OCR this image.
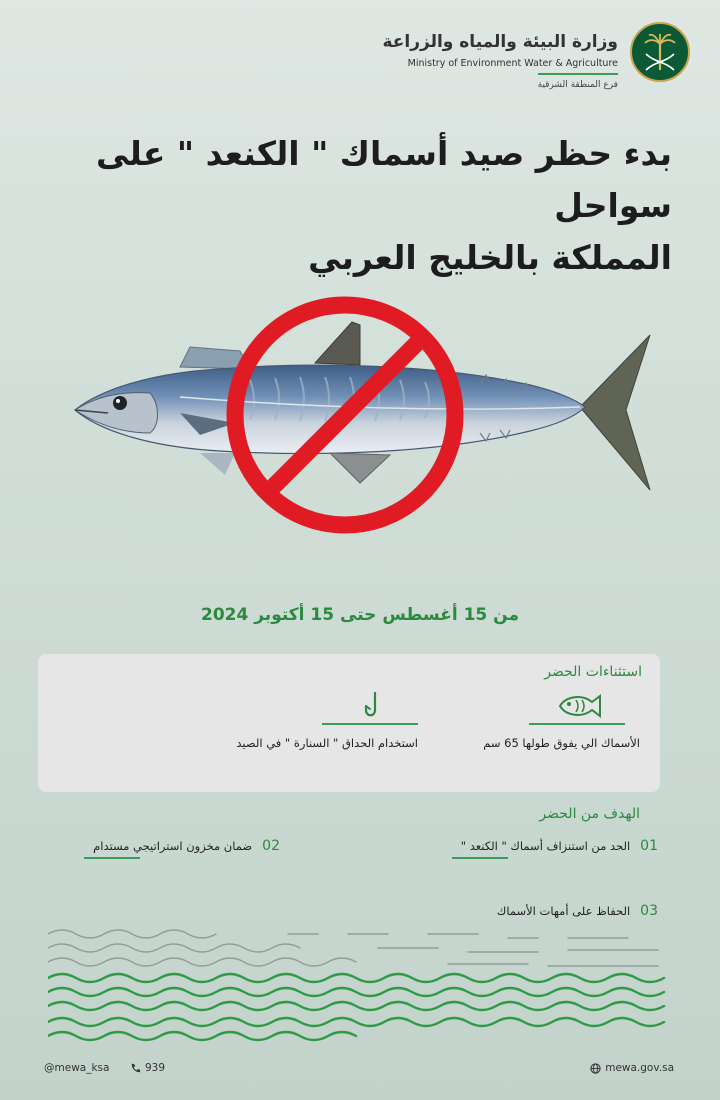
وزارة البيئة والمياه والزراعة
Ministry of Environment Water & Agriculture
فرع المنطقة الشرقية
بدء حظر صيد أسماك " الكنعد " على سواحل
المملكة بالخليج العربي
من 15 أغسطس حتى 15 أكتوبر 2024
استثناءات الحضر
الأسماك الي يفوق طولها 65 سم
استخدام الحداق " السنارة " في الصيد
الهدف من الحضر
01الحد من استنزاف أسماك " الكنعد "
02ضمان مخزون استراتيجي مستدام
03الحفاظ على أمهات الأسماك
@mewa_ksa	939	mewa.gov.sa
